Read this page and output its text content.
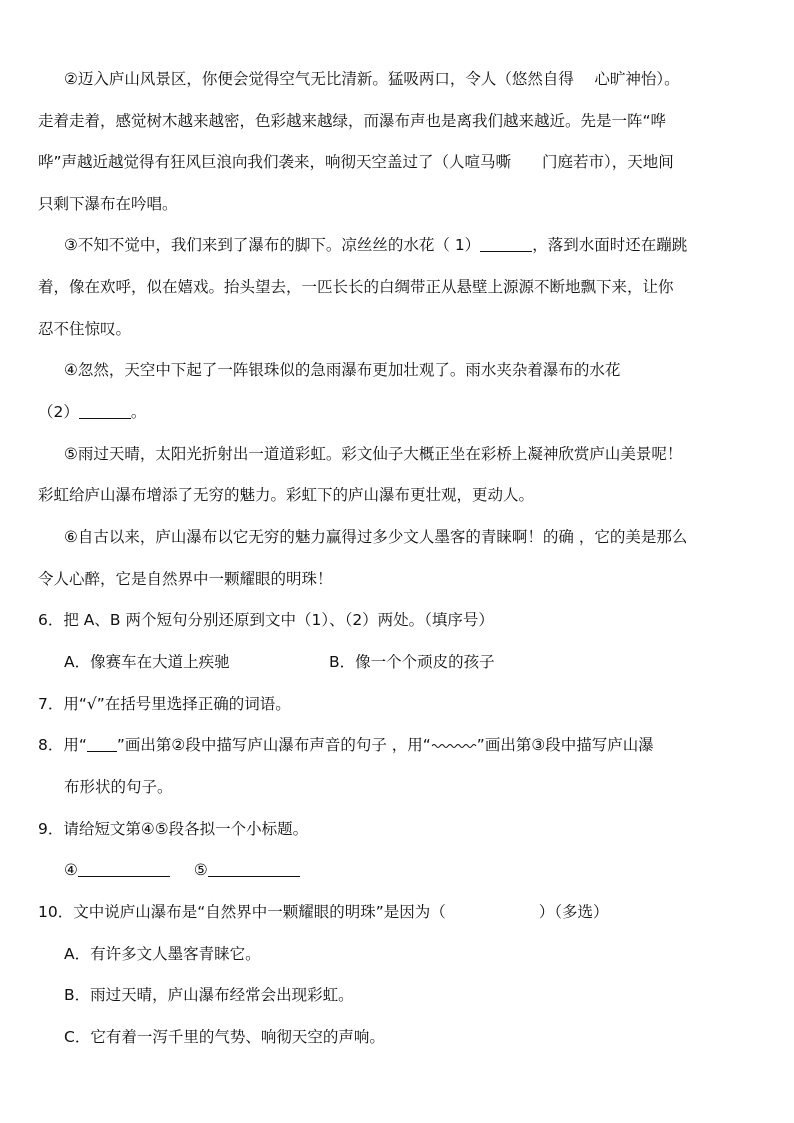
②迈入庐山风景区，你便会觉得空气无比清新。猛吸两口，令人（悠然自得　 心旷神怡）。
走着走着，感觉树木越来越密，色彩越来越绿，而瀑布声也是离我们越来越近。先是一阵“哗
哗”声越近越觉得有狂风巨浪向我们袭来，响彻天空盖过了（人喧马嘶　　门庭若市），天地间
只剩下瀑布在吟唱。
③不知不觉中，我们来到了瀑布的脚下。凉丝丝的水花（ 1）	，落到水面时还在蹦跳
着，像在欢呼，似在嬉戏。抬头望去，一匹长长的白绸带正从悬壁上源源不断地飘下来，让你
忍不住惊叹。
④忽然，天空中下起了一阵银珠似的急雨瀑布更加壮观了。雨水夹杂着瀑布的水花
（2）	。
⑤雨过天晴，太阳光折射出一道道彩虹。彩文仙子大概正坐在彩桥上凝神欣赏庐山美景呢！
彩虹给庐山瀑布增添了无穷的魅力。彩虹下的庐山瀑布更壮观，更动人。
⑥自古以来，庐山瀑布以它无穷的魅力赢得过多少文人墨客的青睐啊！的确 ，它的美是那么
令人心醉，它是自然界中一颗耀眼的明珠！
6．把 A、B 两个短句分别还原到文中（1）、（2）两处。（填序号）
A．像赛车在大道上疾驰	B．像一个个顽皮的孩子
7．用“√”在括号里选择正确的词语。
8．用“ ”画出第②段中描写庐山瀑布声音的句子 ，用“	”画出第③段中描写庐山瀑
布形状的句子。
9．请给短文第④⑤段各拟一个小标题。
④	⑤
10．文中说庐山瀑布是“自然界中一颗耀眼的明珠”是因为（　　　　　　）（多选）
A．有许多文人墨客青睐它。
B．雨过天晴，庐山瀑布经常会出现彩虹。
C．它有着一泻千里的气势、响彻天空的声响。
